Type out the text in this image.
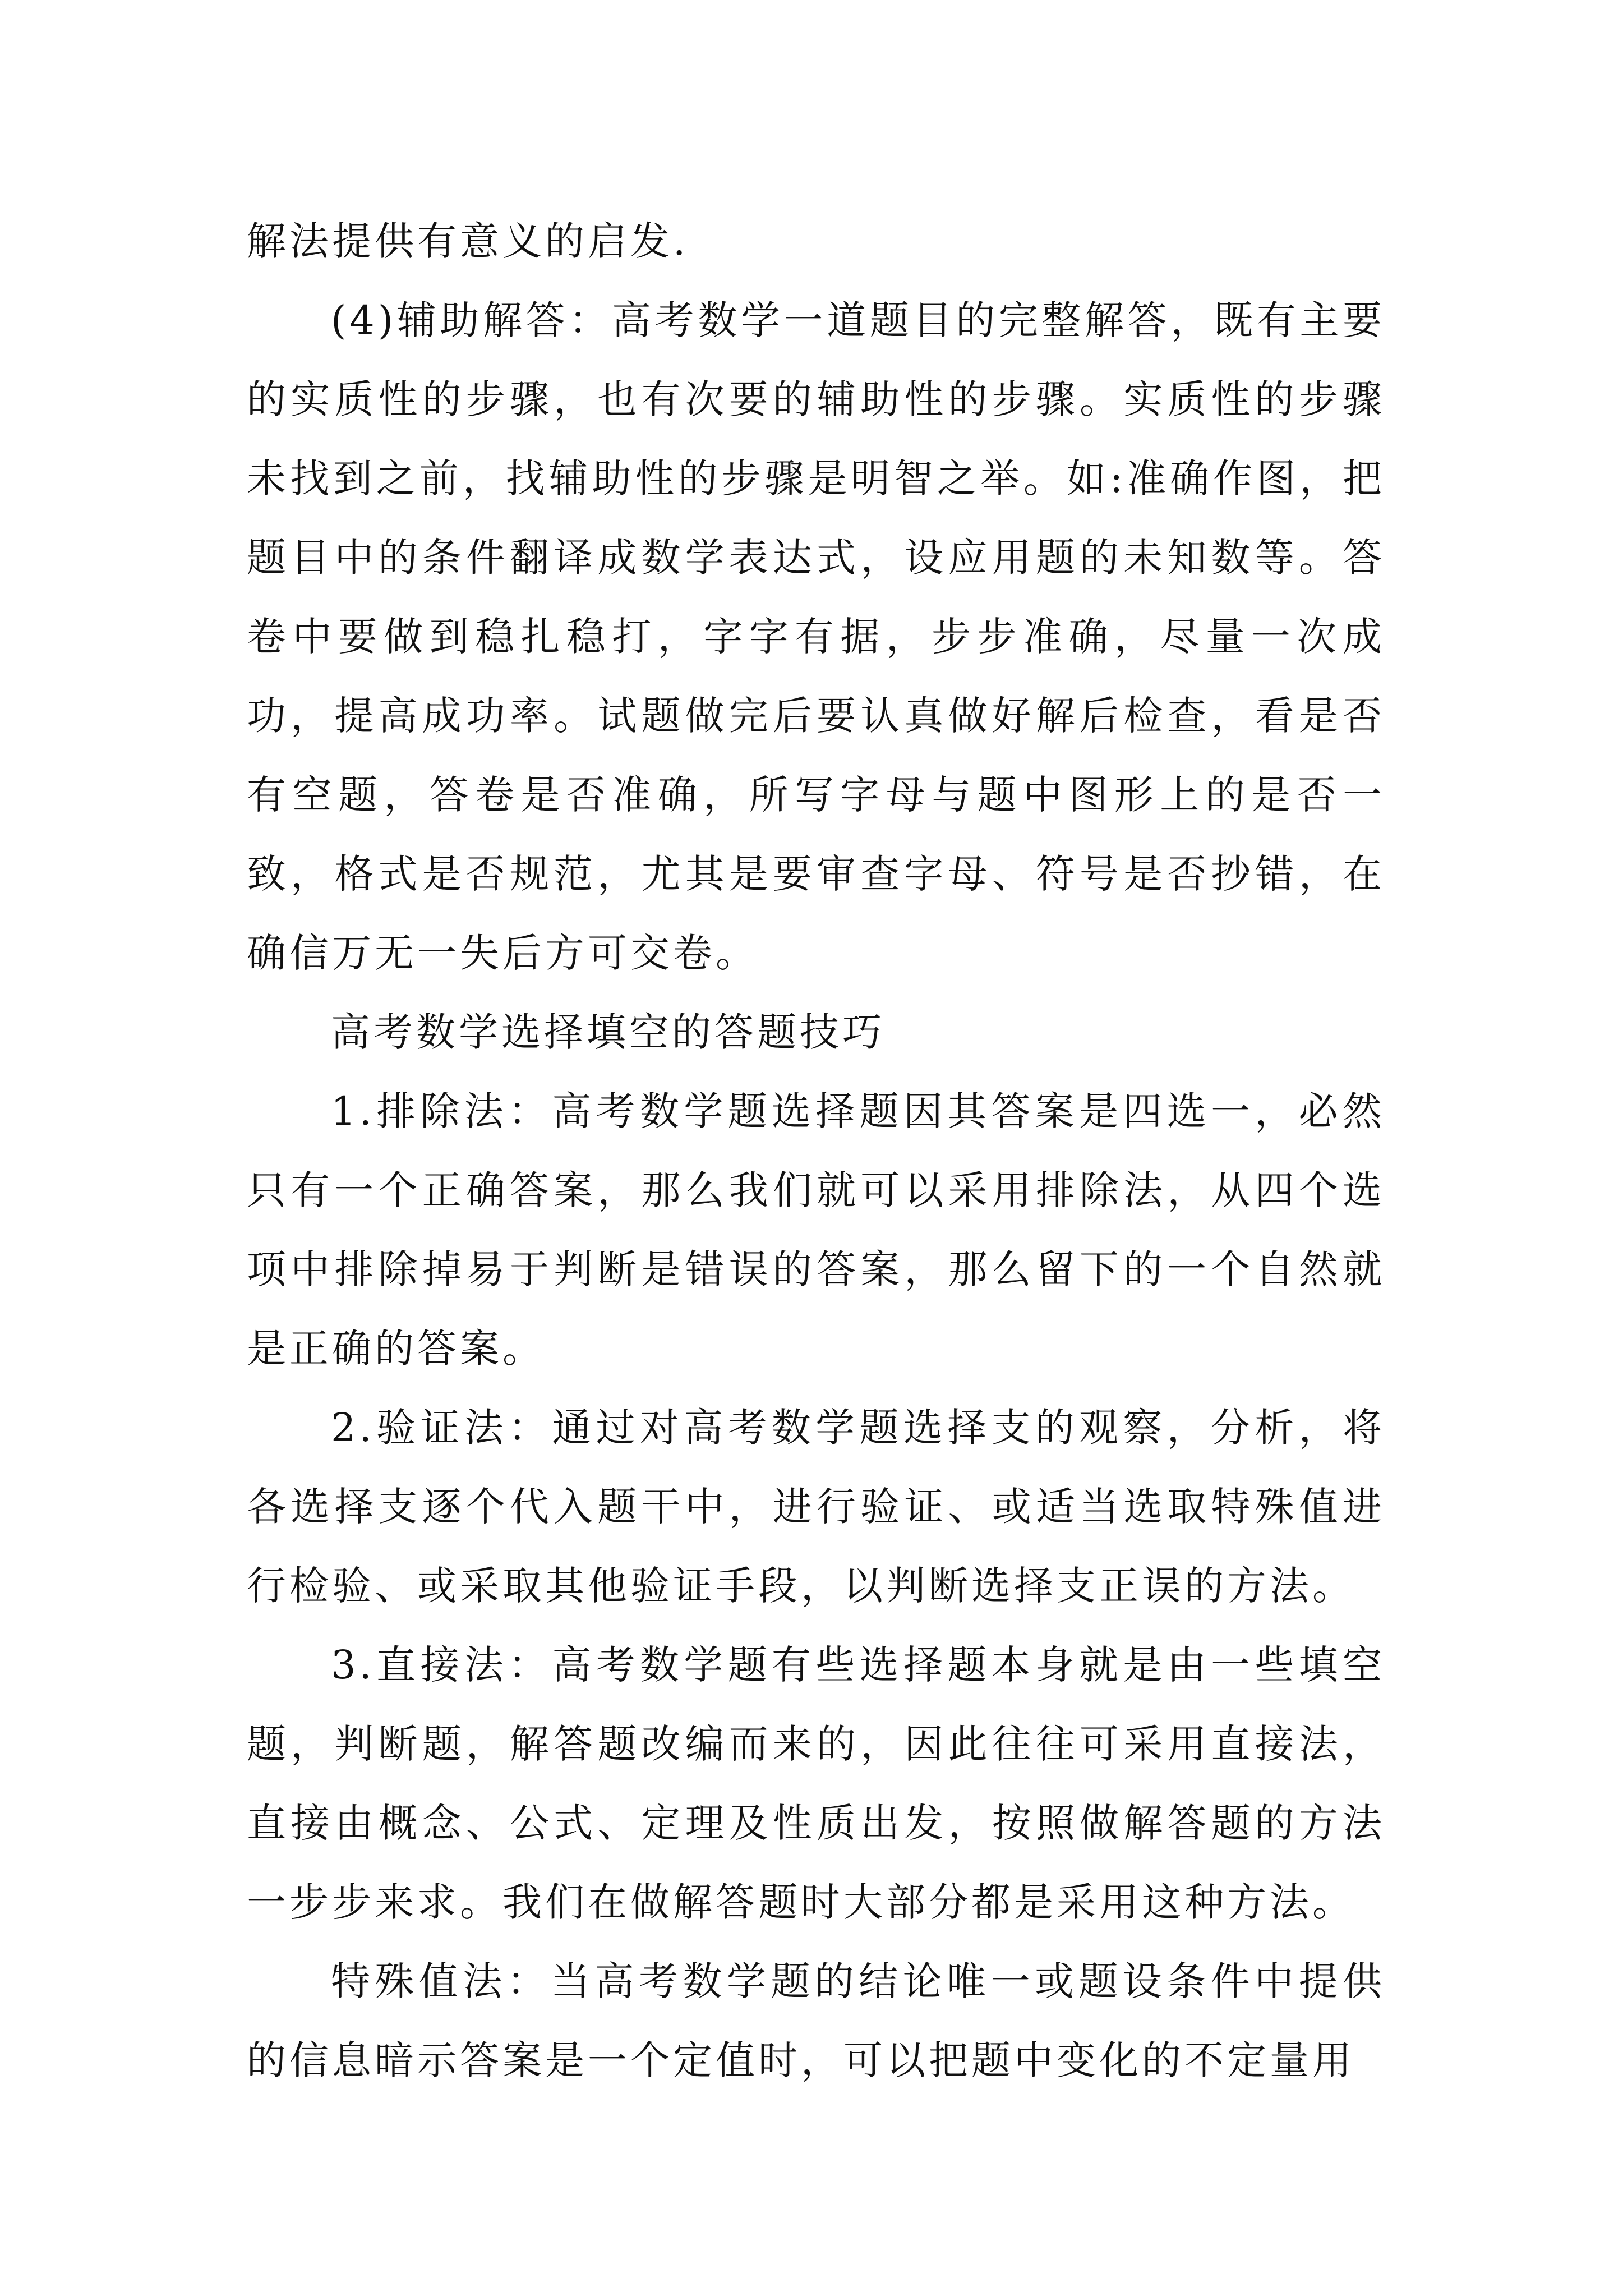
解法提供有意义的启发.

(4)辅助解答：高考数学一道题目的完整解答，既有主要的实质性的步骤，也有次要的辅助性的步骤。实质性的步骤未找到之前，找辅助性的步骤是明智之举。如:准确作图，把题目中的条件翻译成数学表达式，设应用题的未知数等。答卷中要做到稳扎稳打，字字有据，步步准确，尽量一次成功，提高成功率。试题做完后要认真做好解后检查，看是否有空题，答卷是否准确，所写字母与题中图形上的是否一致，格式是否规范，尤其是要审查字母、符号是否抄错，在确信万无一失后方可交卷。

高考数学选择填空的答题技巧

1.排除法：高考数学题选择题因其答案是四选一，必然只有一个正确答案，那么我们就可以采用排除法，从四个选项中排除掉易于判断是错误的答案，那么留下的一个自然就是正确的答案。

2.验证法：通过对高考数学题选择支的观察，分析，将各选择支逐个代入题干中，进行验证、或适当选取特殊值进行检验、或采取其他验证手段，以判断选择支正误的方法。

3.直接法：高考数学题有些选择题本身就是由一些填空题，判断题，解答题改编而来的，因此往往可采用直接法，直接由概念、公式、定理及性质出发，按照做解答题的方法一步步来求。我们在做解答题时大部分都是采用这种方法。

特殊值法：当高考数学题的结论唯一或题设条件中提供的信息暗示答案是一个定值时，可以把题中变化的不定量用
